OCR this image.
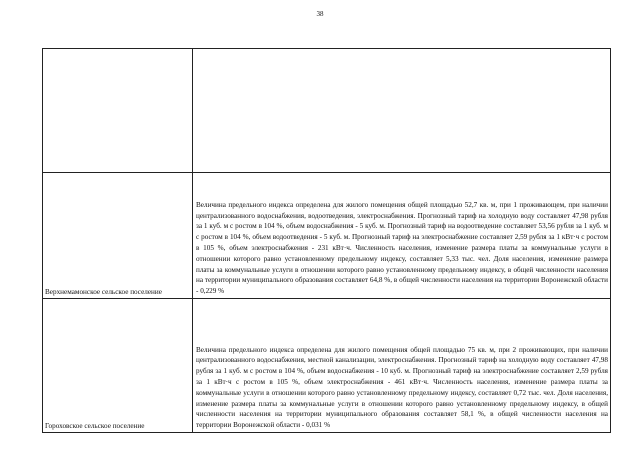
38

Верхнемамонское сельское поселение	Величина предельного индекса определена для жилого помещения общей площадью 52,7 кв. м, при 1 проживающем, при наличии централизованного водоснабжения, водоотведения, электроснабжения. Прогнозный тариф на холодную воду составляет 47,98 рубля за 1 куб. м с ростом в 104 %, объем водоснабжения - 5 куб. м. Прогнозный тариф на водоотведение составляет 53,56 рубля за 1 куб. м с ростом в 104 %, объем водоотведения - 5 куб. м. Прогнозный тариф на электроснабжение составляет 2,59 рубля за 1 кВт·ч с ростом в 105 %, объем электроснабжения - 231 кВт·ч. Численность населения, изменение размера платы за коммунальные услуги в отношении которого равно установленному предельному индексу, составляет 5,33 тыс. чел. Доля населения, изменение размера платы за коммунальные услуги в отношении которого равно установленному предельному индексу, в общей численности населения на территории муниципального образования составляет 64,8 %, в общей численности населения на территории Воронежской области - 0,229 %
Гороховское сельское поселение	Величина предельного индекса определена для жилого помещения общей площадью 75 кв. м, при 2 проживающих, при наличии централизованного водоснабжения, местной канализации, электроснабжения. Прогнозный тариф на холодную воду составляет 47,98 рубля за 1 куб. м с ростом в 104 %, объем водоснабжения - 10 куб. м. Прогнозный тариф на электроснабжение составляет 2,59 рубля за 1 кВт·ч с ростом в 105 %, объем электроснабжения - 461 кВт·ч. Численность населения, изменение размера платы за коммунальные услуги в отношении которого равно установленному предельному индексу, составляет 0,72 тыс. чел. Доля населения, изменение размера платы за коммунальные услуги в отношении которого равно установленному предельному индексу, в общей численности населения на территории муниципального образования составляет 58,1 %, в общей численности населения на территории Воронежской области - 0,031 %
